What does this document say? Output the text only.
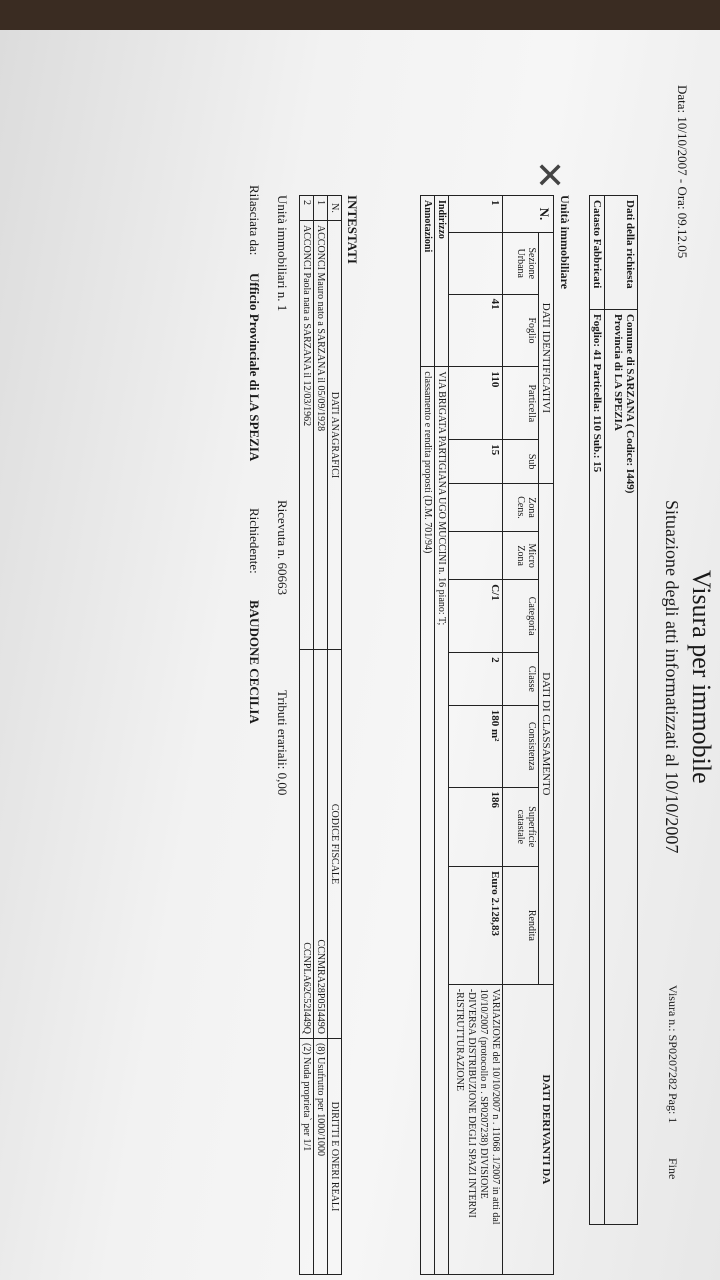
Data: 10/10/2007 - Ora: 09.12.05
Visura per immobile
Situazione degli atti informatizzati al 10/10/2007
Visura n.: SP0207282 Pag: 1
Fine
Dati della richiesta	Comune di SARZANA ( Codice: I449)
Provincia di LA SPEZIA

Catasto Fabbricati	Foglio: 41 Particella: 110 Sub.: 15
Unità immobiliare
✕
N.	DATI IDENTIFICATIVI				DATI DI CLASSAMENTO							DATI DERIVANTI DA
	Sezione Urbana	Foglio	Particella	Sub	Zona Cens.	Micro Zona	Categoria	Classe	Consistenza	Superficie catastale	Rendita	
1		41	110	15			C/1	2	180 m²	186	Euro 2.128,83	VARIAZIONE del 10/10/2007 n . 11068 .1/2007 in atti dal
10/10/2007 (protocollo n . SP0207238) DIVISIONE
-DIVERSA DISTRIBUZIONE DEGLI SPAZI INTERNI
-RISTRUTTURAZIONE

Indirizzo			VIA BRIGATA PARTIGIANA UGO MUCCINI n. 16 piano: T;									
Annotazioni			classamento e rendita proposti (D.M. 701/94)									
INTESTATI
N.	DATI ANAGRAFICI	CODICE FISCALE	DIRITTI E ONERI REALI
1	ACCONCI Mauro nato a SARZANA il 05/09/1928	CCNMRA28P05I449O	(8) Usufrutto per 1000/1000
2	ACCONCI Paola nata a SARZANA il 12/03/1962	CCNPLA62C52I449Q	(2) Nuda proprieta` per 1/1
Unità immobiliari n. 1
Ricevuta n. 60663
Tributi erariali: 0,00
Rilasciata da:
Ufficio Provinciale di LA SPEZIA
Richiedente:
BAUDONE CECILIA
